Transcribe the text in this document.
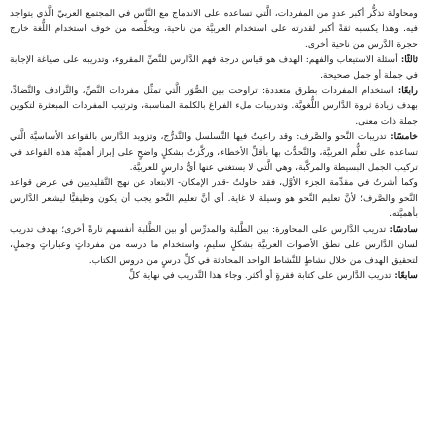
ومحاولة تذكُّر أكبر عددٍ من المفردات، الَّتي تساعده على الاندماج مع النَّاس في المجتمع العربيّ الَّذي يتواجد فيه. وهذا يكسبه ثقةً أكبر لقدرته على استخدام العربيَّة من ناحية، ويخلِّصه من خوف استخدام اللُّغة خارج حجرة الدَّرس من ناحية أخرى.

ثالثًا: أسئلة الاستيعاب والفهم: الهدف هو قياس درجة فهم الدَّارس للنَّصِّ المقروء، وتدريبه على صياغة الإجابة في جملة أو جمل صحيحة.

رابعًا: استخدام المفردات بطرق متعددة: تراوحت بين الصُّوَر الَّتي تمثِّل مفردات النَّصِّ، والتَّرادف والتَّضادِّ، بهدف زيادة ثروة الدَّارس اللُّغويَّة. وتدريبات ملء الفراغ بالكلمة المناسبة، وترتيب المفردات المبعثرة لتكوين جملة ذات معنى.

خامسًا: تدريبات النَّحو والصَّرف: وقد راعيتُ فيها التَّسلسل والتَّدرُّج، وتزويد الدَّارس بالقواعد الأساسيَّة الَّتي تساعده على تعلُّم العربيَّة، والتَّحدُّث بها بأقلِّ الأخطاء، وركَّزتُ بشكلٍ واضحٍ على إبراز أهميَّة هذه القواعد في تركيب الجمل البسيطة والمركَّبة، وهي الَّتي لا يستغني عنها أيُّ دارسٍ للعربيَّة.

وكما أشرتُ في مقدِّمة الجزء الأوَّل، فقد حاولتُ -قدر الإمكان- الابتعاد عن نهج التَّقليديين في عرض قواعد النَّحو والصَّرف؛ لأنَّ تعليم النَّحو هو وسيلة لا غاية. أي أنَّ تعليم النَّحو يجب أن يكون وظيفيًّا ليشعر الدَّارس بأهميَّته.

سادسًا: تدريب الدَّارس على المحاورة: بين الطَّلبة والمدرِّس أو بين الطَّلبة أنفسهم تارةً أخرى؛ بهدف تدريب لسان الدَّارس على نطق الأصوات العربيَّة بشكلٍ سليمٍ، واستخدام ما درسه من مفرداتٍ وعباراتٍ وجملٍ، لتحقيق الهدف من خلال نشاطٍ للنَّشاط الواحد المحادثة في كلِّ درسٍ من دروس الكتاب.

سابعًا: تدريب الدَّارس على كتابة فقرةٍ أو أكثر. وجاء هذا التَّدريب في نهاية كلِّ
